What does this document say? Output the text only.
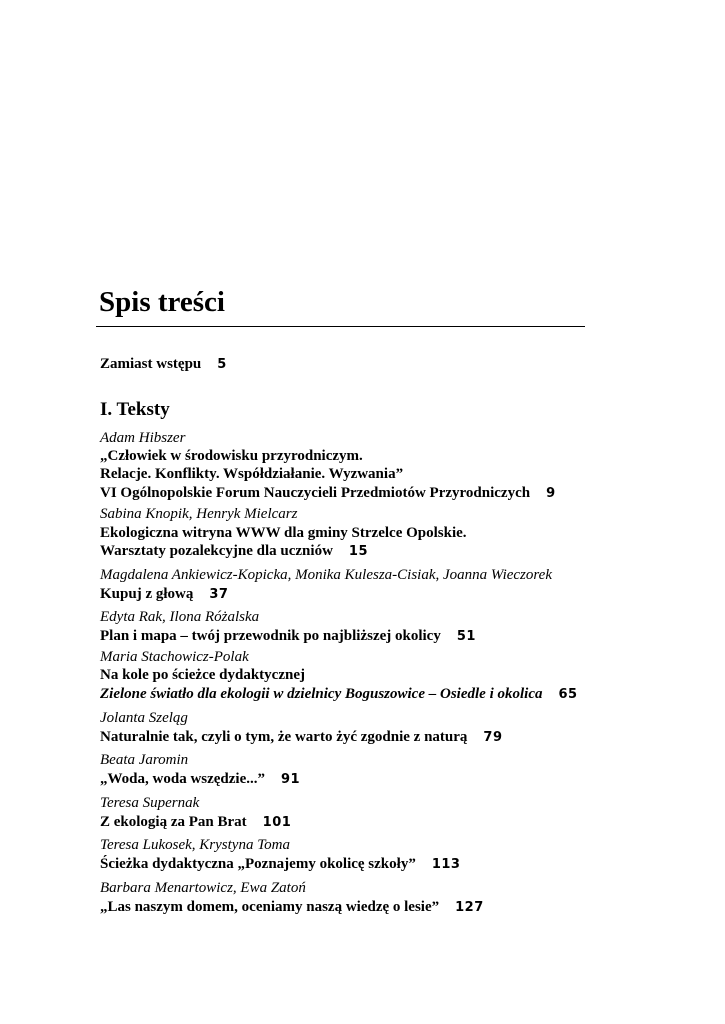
Spis treści
Zamiast wstępu 5
I. Teksty
Adam Hibszer
„Człowiek w środowisku przyrodniczym.
Relacje. Konflikty. Współdziałanie. Wyzwania”
VI Ogólnopolskie Forum Nauczycieli Przedmiotów Przyrodniczych 9
Sabina Knopik, Henryk Mielcarz
Ekologiczna witryna WWW dla gminy Strzelce Opolskie.
Warsztaty pozalekcyjne dla uczniów 15
Magdalena Ankiewicz-Kopicka, Monika Kulesza-Cisiak, Joanna Wieczorek
Kupuj z głową 37
Edyta Rak, Ilona Różalska
Plan i mapa – twój przewodnik po najbliższej okolicy 51
Maria Stachowicz-Polak
Na kole po ścieżce dydaktycznej
Zielone światło dla ekologii w dzielnicy Boguszowice – Osiedle i okolica 65
Jolanta Szeląg
Naturalnie tak, czyli o tym, że warto żyć zgodnie z naturą 79
Beata Jaromin
„Woda, woda wszędzie...” 91
Teresa Supernak
Z ekologią za Pan Brat 101
Teresa Lukosek, Krystyna Toma
Ścieżka dydaktyczna „Poznajemy okolicę szkoły” 113
Barbara Menartowicz, Ewa Zatoń
„Las naszym domem, oceniamy naszą wiedzę o lesie” 127
